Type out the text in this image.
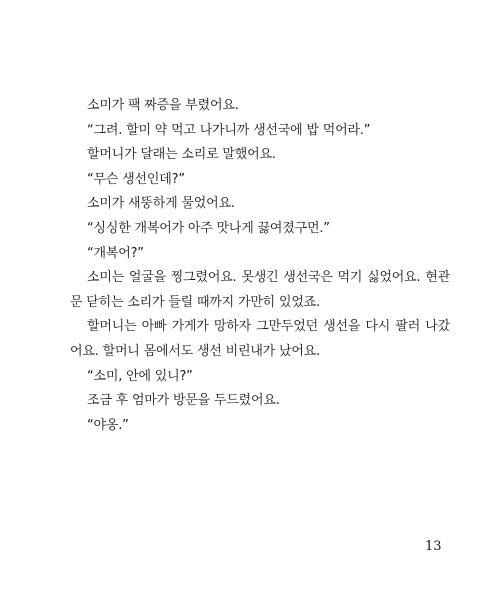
소미가 팩 짜증을 부렸어요.

“그려. 할미 약 먹고 나가니까 생선국에 밥 먹어라.”

할머니가 달래는 소리로 말했어요.

“무슨 생선인데?”

소미가 새뚱하게 물었어요.

“싱싱한 개복어가 아주 맛나게 끓여졌구먼.”

“개복어?”

소미는 얼굴을 찡그렸어요. 못생긴 생선국은 먹기 싫었어요. 현관문 닫히는 소리가 들릴 때까지 가만히 있었죠.

할머니는 아빠 가게가 망하자 그만두었던 생선을 다시 팔러 나갔어요. 할머니 몸에서도 생선 비린내가 났어요.

“소미, 안에 있니?”

조금 후 엄마가 방문을 두드렸어요.

“야옹.”

13
